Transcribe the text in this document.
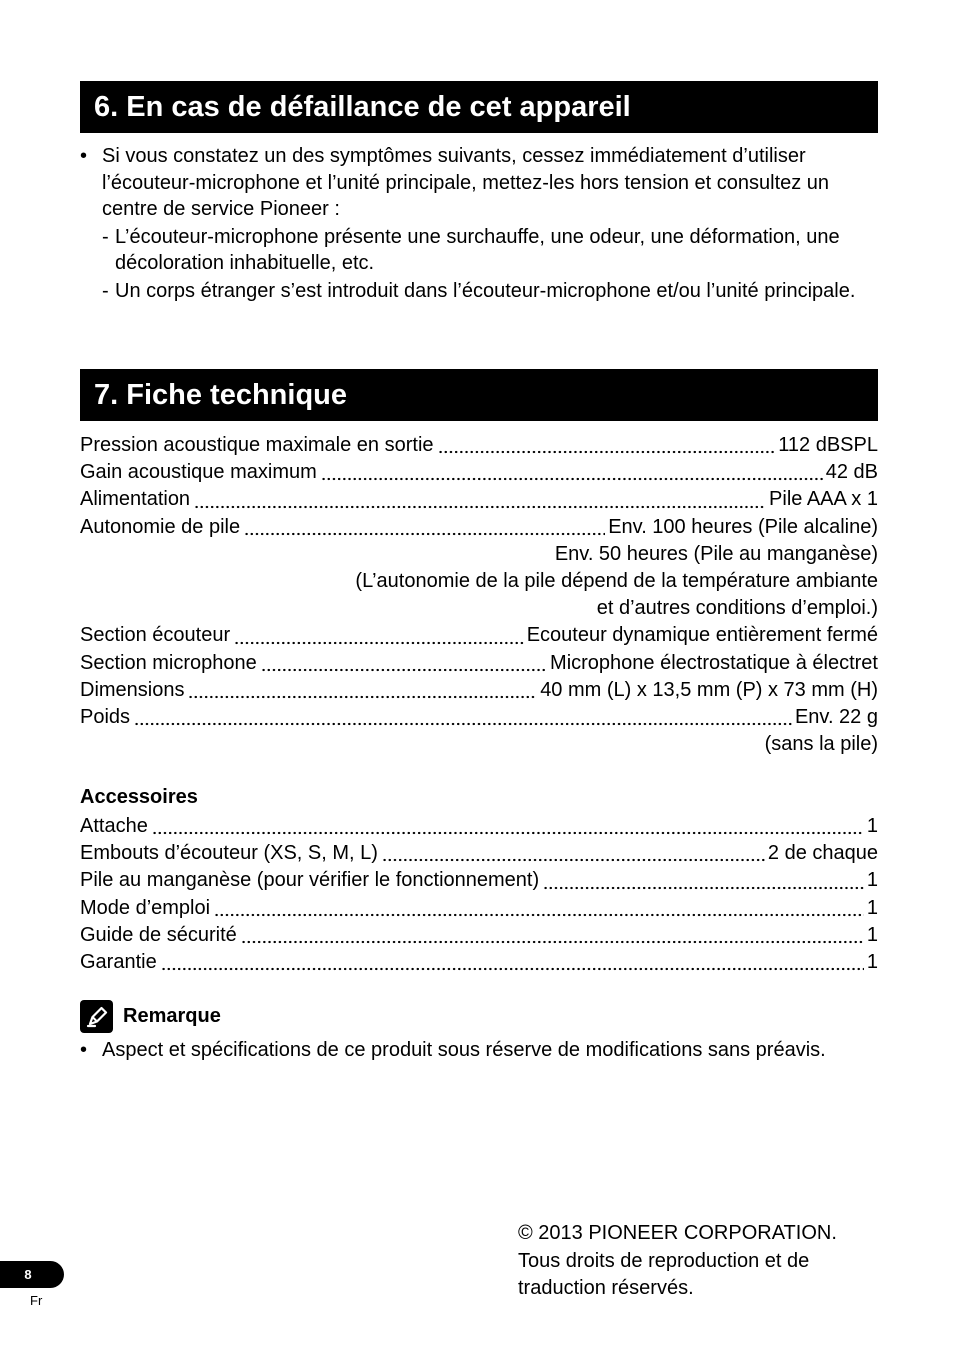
6. En cas de défaillance de cet appareil
• Si vous constatez un des symptômes suivants, cessez immédiatement d’utiliser l’écouteur-microphone et l’unité principale, mettez-les hors tension et consultez un centre de service Pioneer :
- L’écouteur-microphone présente une surchauffe, une odeur, une déformation, une décoloration inhabituelle, etc.
- Un corps étranger s’est introduit dans l’écouteur-microphone et/ou l’unité principale.
7. Fiche technique
Pression acoustique maximale en sortie	112 dBSPL
Gain acoustique maximum	42 dB
Alimentation	Pile AAA x 1
Autonomie de pile	Env. 100 heures (Pile alcaline)
Env. 50 heures (Pile au manganèse)
(L’autonomie de la pile dépend de la température ambiante
et d’autres conditions d’emploi.)
Section écouteur	Ecouteur dynamique entièrement fermé
Section microphone	Microphone électrostatique à électret
Dimensions	40 mm (L) x 13,5 mm (P) x 73 mm (H)
Poids	Env. 22 g
(sans la pile)
Accessoires
Attache	1
Embouts d’écouteur (XS, S, M, L)	2 de chaque
Pile au manganèse (pour vérifier le fonctionnement)	1
Mode d’emploi	1
Guide de sécurité	1
Garantie	1
Remarque
• Aspect et spécifications de ce produit sous réserve de modifications sans préavis.
© 2013 PIONEER CORPORATION.
Tous droits de reproduction et de
traduction réservés.
8
Fr
